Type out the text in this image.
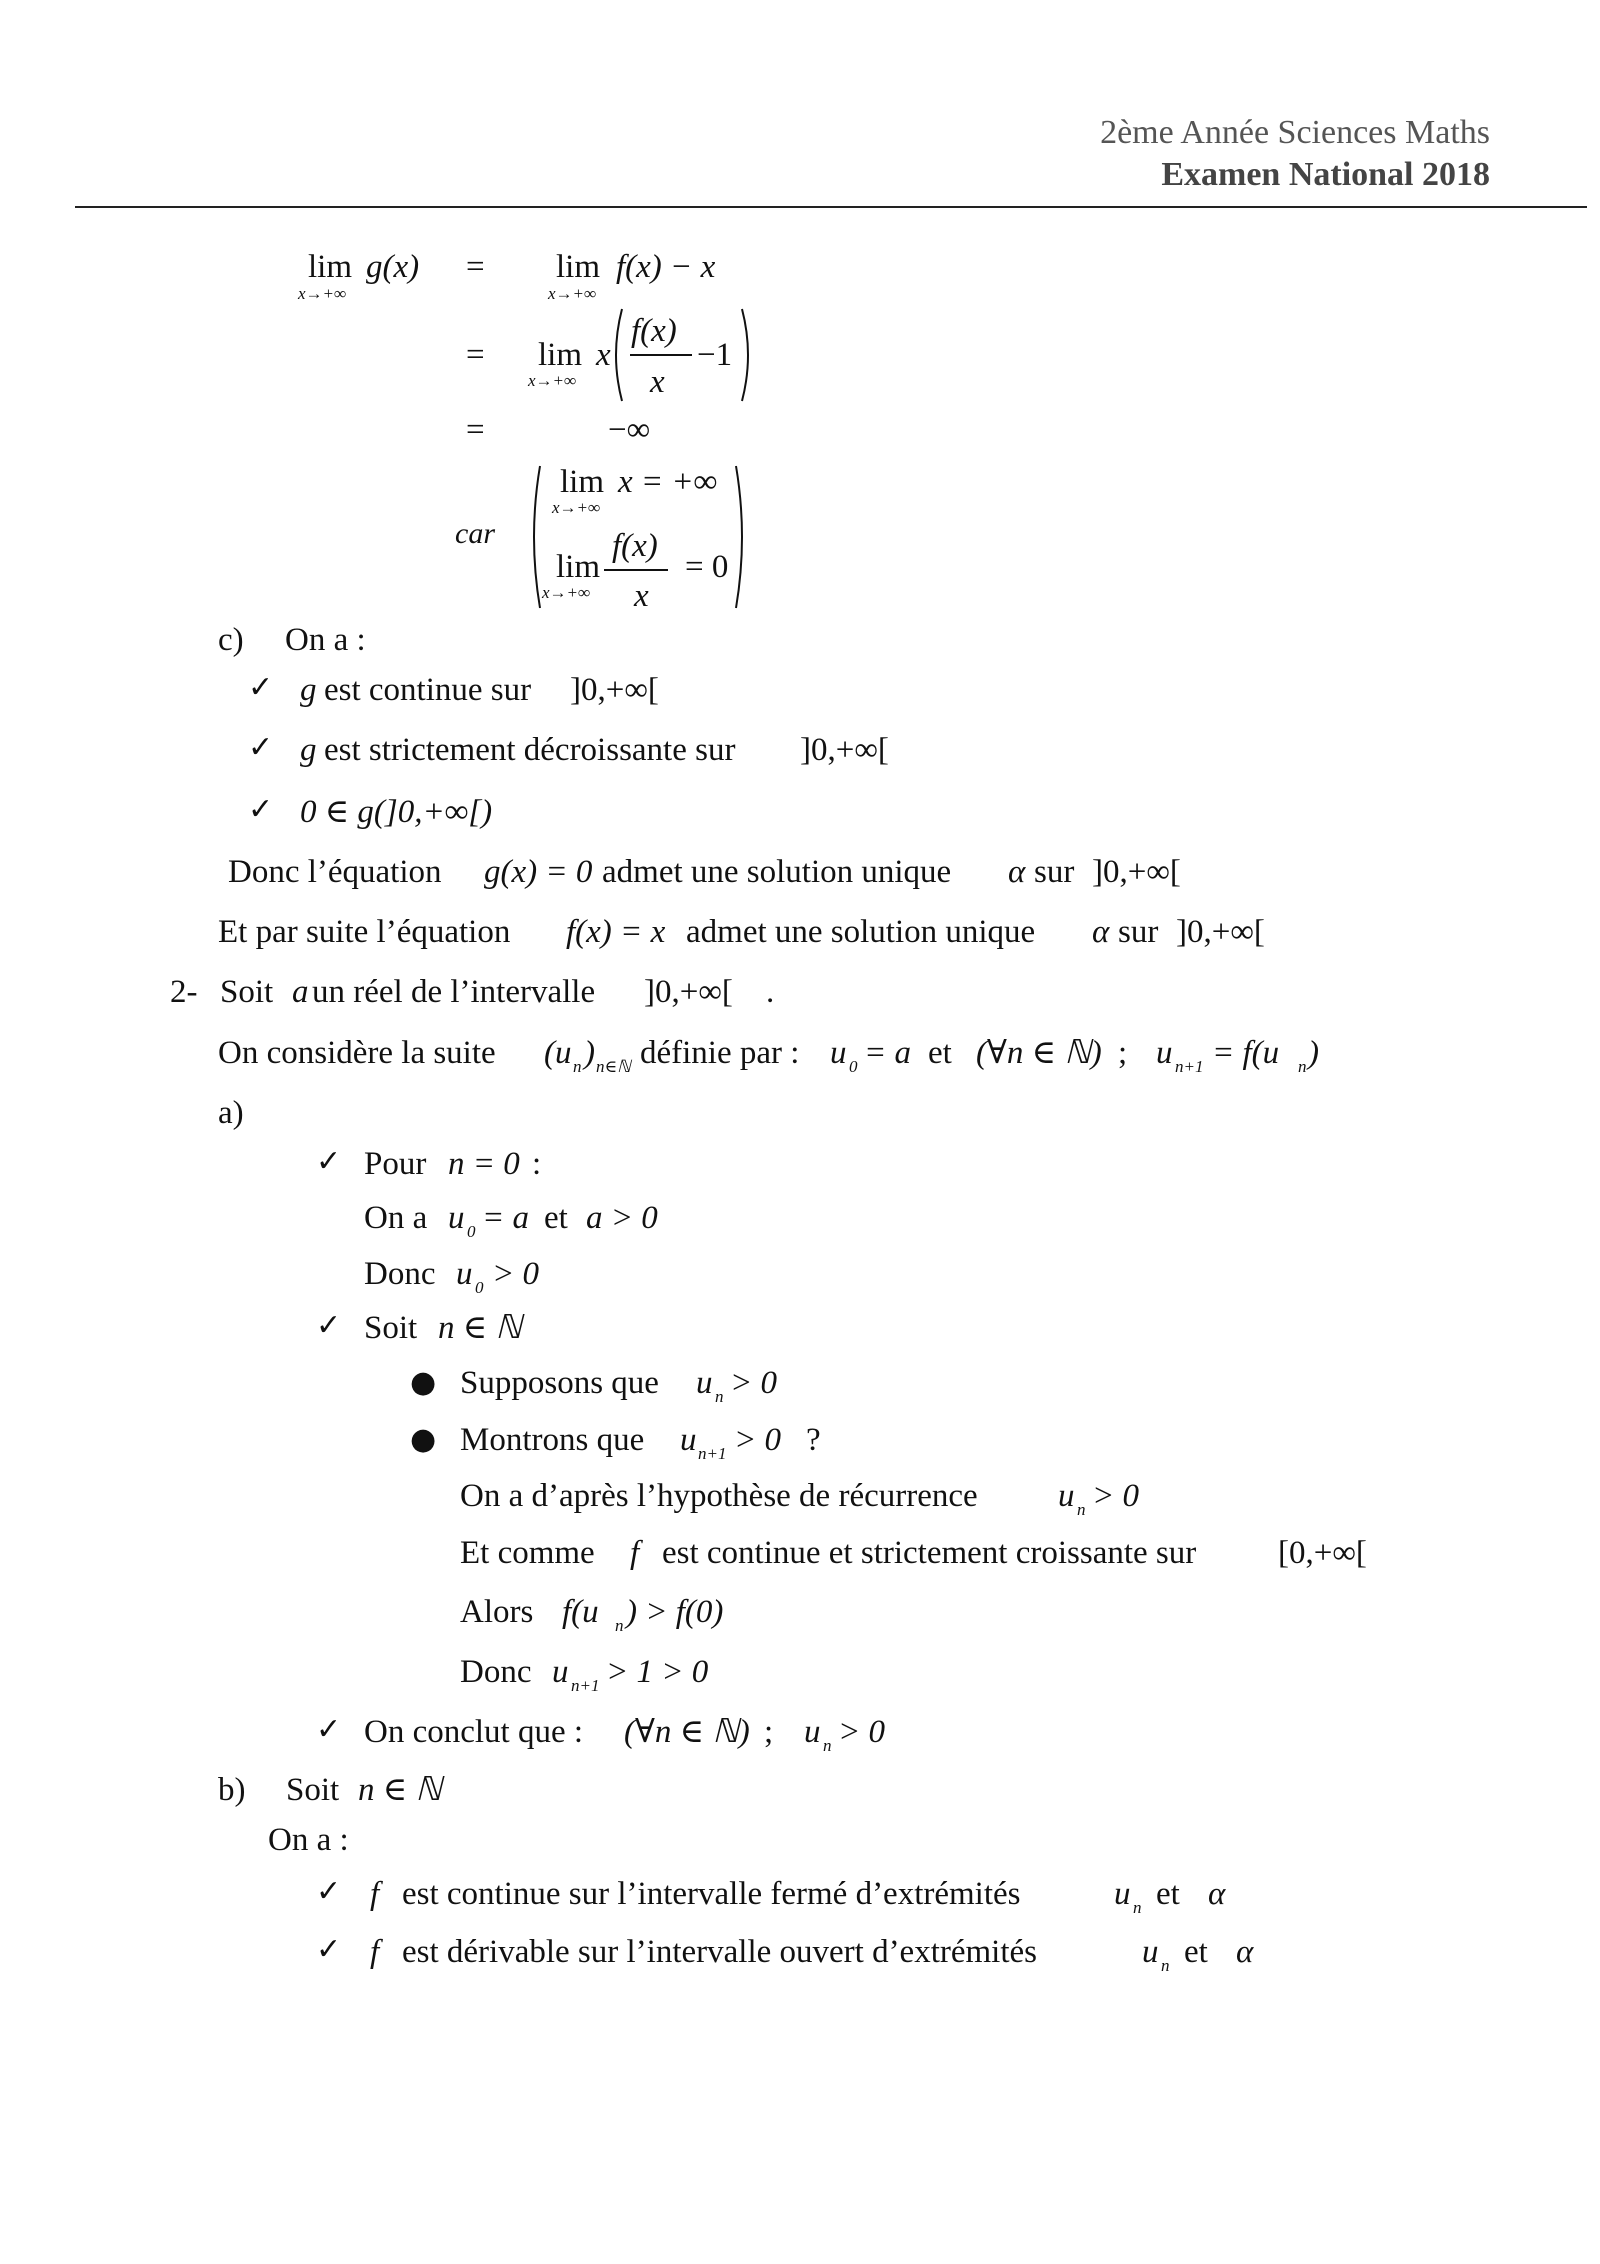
2ème Année Sciences Maths
Examen National 2018
lim
x→+∞
g(x) = lim
x→+∞
f(x) − x
= lim
x→+∞
x
f(x)
x
−1
=	−∞
car
lim
x→+∞
x = +∞
lim
x→+∞
f(x)
x
= 0
c) On a :
✓ g est continue sur ]0,+∞[
✓ g est strictement décroissante sur ]0,+∞[
✓ 0 ∈ g(]0,+∞[)
Donc l’équation g(x) = 0 admet une solution unique α sur ]0,+∞[
Et par suite l’équation f(x) = x admet une solution unique α sur ]0,+∞[
2- Soit a un réel de l’intervalle ]0,+∞[ .
On considère la suite (u n ) n∈ℕ définie par : u 0 = a et (∀n ∈ ℕ) ; u n+1 = f(u n )
a)
✓ Pour n = 0 :
On a u 0 = a et a > 0
Donc u 0 > 0
✓ Soit n ∈ ℕ
● Supposons que u n > 0
● Montrons que u n+1 > 0 ?
On a d’après l’hypothèse de récurrence u n > 0
Et comme f est continue et strictement croissante sur [0,+∞[
Alors f(u n ) > f(0)
Donc u n+1 > 1 > 0
✓ On conclut que : (∀n ∈ ℕ) ; u n > 0
b) Soit n ∈ ℕ
On a :
✓ f est continue sur l’intervalle fermé d’extrémités	u n et α
✓ f est dérivable sur l’intervalle ouvert d’extrémités	u n et α
